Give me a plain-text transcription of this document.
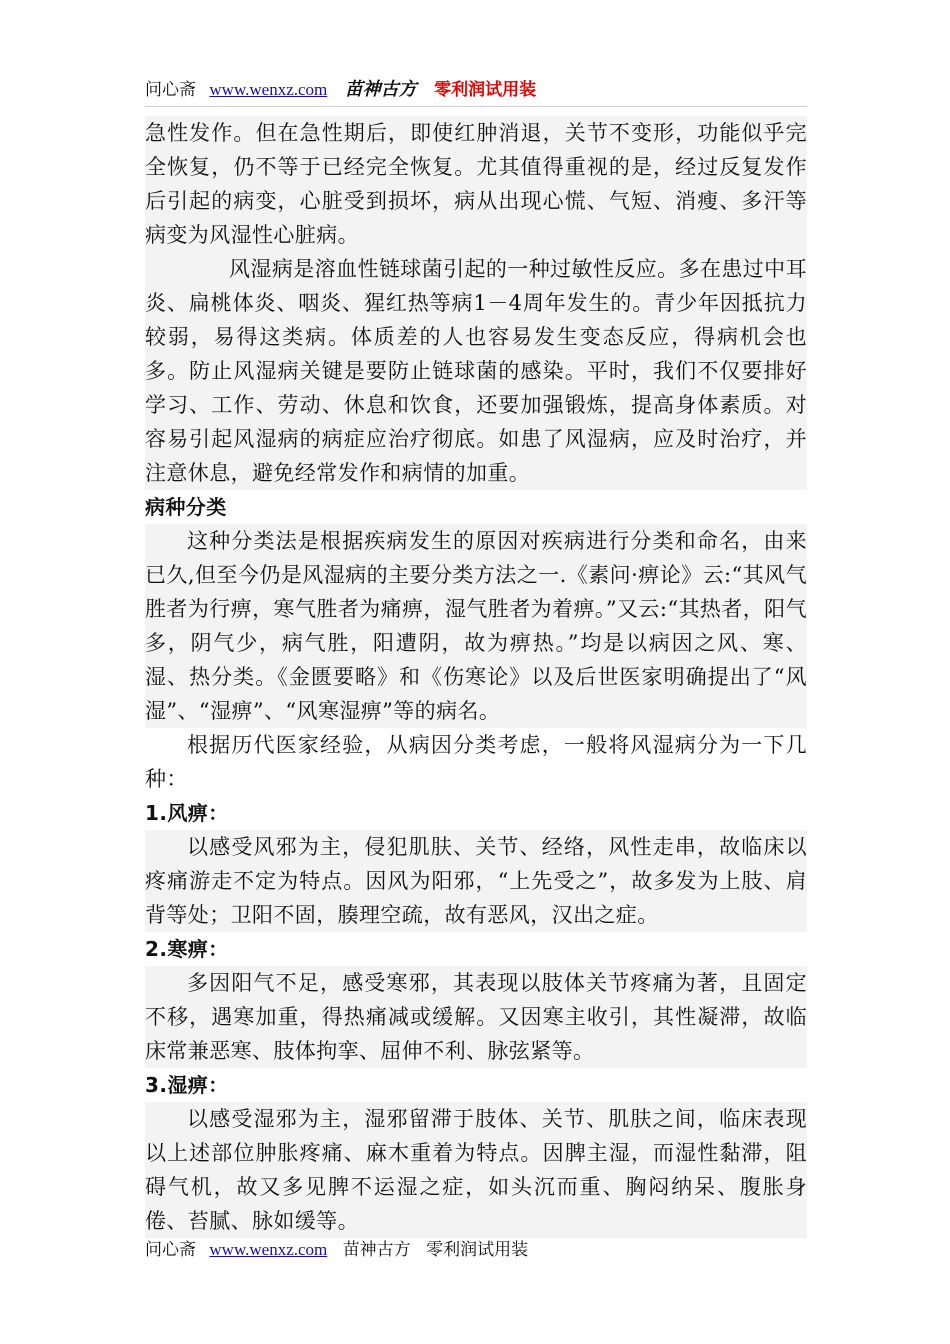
问心斋 www.wenxz.com 苗神古方 零利润试用装

急性发作。但在急性期后，即使红肿消退，关节不变形，功能似乎完全恢复，仍不等于已经完全恢复。尤其值得重视的是，经过反复发作后引起的病变，心脏受到损坏，病从出现心慌、气短、消瘦、多汗等病变为风湿性心脏病。

风湿病是溶血性链球菌引起的一种过敏性反应。多在患过中耳炎、扁桃体炎、咽炎、猩红热等病1－4周年发生的。青少年因抵抗力较弱，易得这类病。体质差的人也容易发生变态反应，得病机会也多。防止风湿病关键是要防止链球菌的感染。平时，我们不仅要排好学习、工作、劳动、休息和饮食，还要加强锻炼，提高身体素质。对容易引起风湿病的病症应治疗彻底。如患了风湿病，应及时治疗，并注意休息，避免经常发作和病情的加重。

病种分类

这种分类法是根据疾病发生的原因对疾病进行分类和命名，由来已久,但至今仍是风湿病的主要分类方法之一.《素问·痹论》云:“其风气胜者为行痹，寒气胜者为痛痹，湿气胜者为着痹。”又云:“其热者，阳气多，阴气少，病气胜，阳遭阴，故为痹热。”均是以病因之风、寒、湿、热分类。《金匮要略》和《伤寒论》以及后世医家明确提出了“风湿”、“湿痹”、“风寒湿痹”等的病名。

根据历代医家经验，从病因分类考虑，一般将风湿病分为一下几种：

1.风痹：

以感受风邪为主，侵犯肌肤、关节、经络，风性走串，故临床以疼痛游走不定为特点。因风为阳邪，“上先受之”，故多发为上肢、肩背等处；卫阳不固，腠理空疏，故有恶风，汉出之症。

2.寒痹：

多因阳气不足，感受寒邪，其表现以肢体关节疼痛为著，且固定不移，遇寒加重，得热痛减或缓解。又因寒主收引，其性凝滞，故临床常兼恶寒、肢体拘挛、屈伸不利、脉弦紧等。

3.湿痹：

以感受湿邪为主，湿邪留滞于肢体、关节、肌肤之间，临床表现以上述部位肿胀疼痛、麻木重着为特点。因脾主湿，而湿性黏滞，阻碍气机，故又多见脾不运湿之症，如头沉而重、胸闷纳呆、腹胀身倦、苔腻、脉如缓等。

问心斋 www.wenxz.com 苗神古方 零利润试用装
